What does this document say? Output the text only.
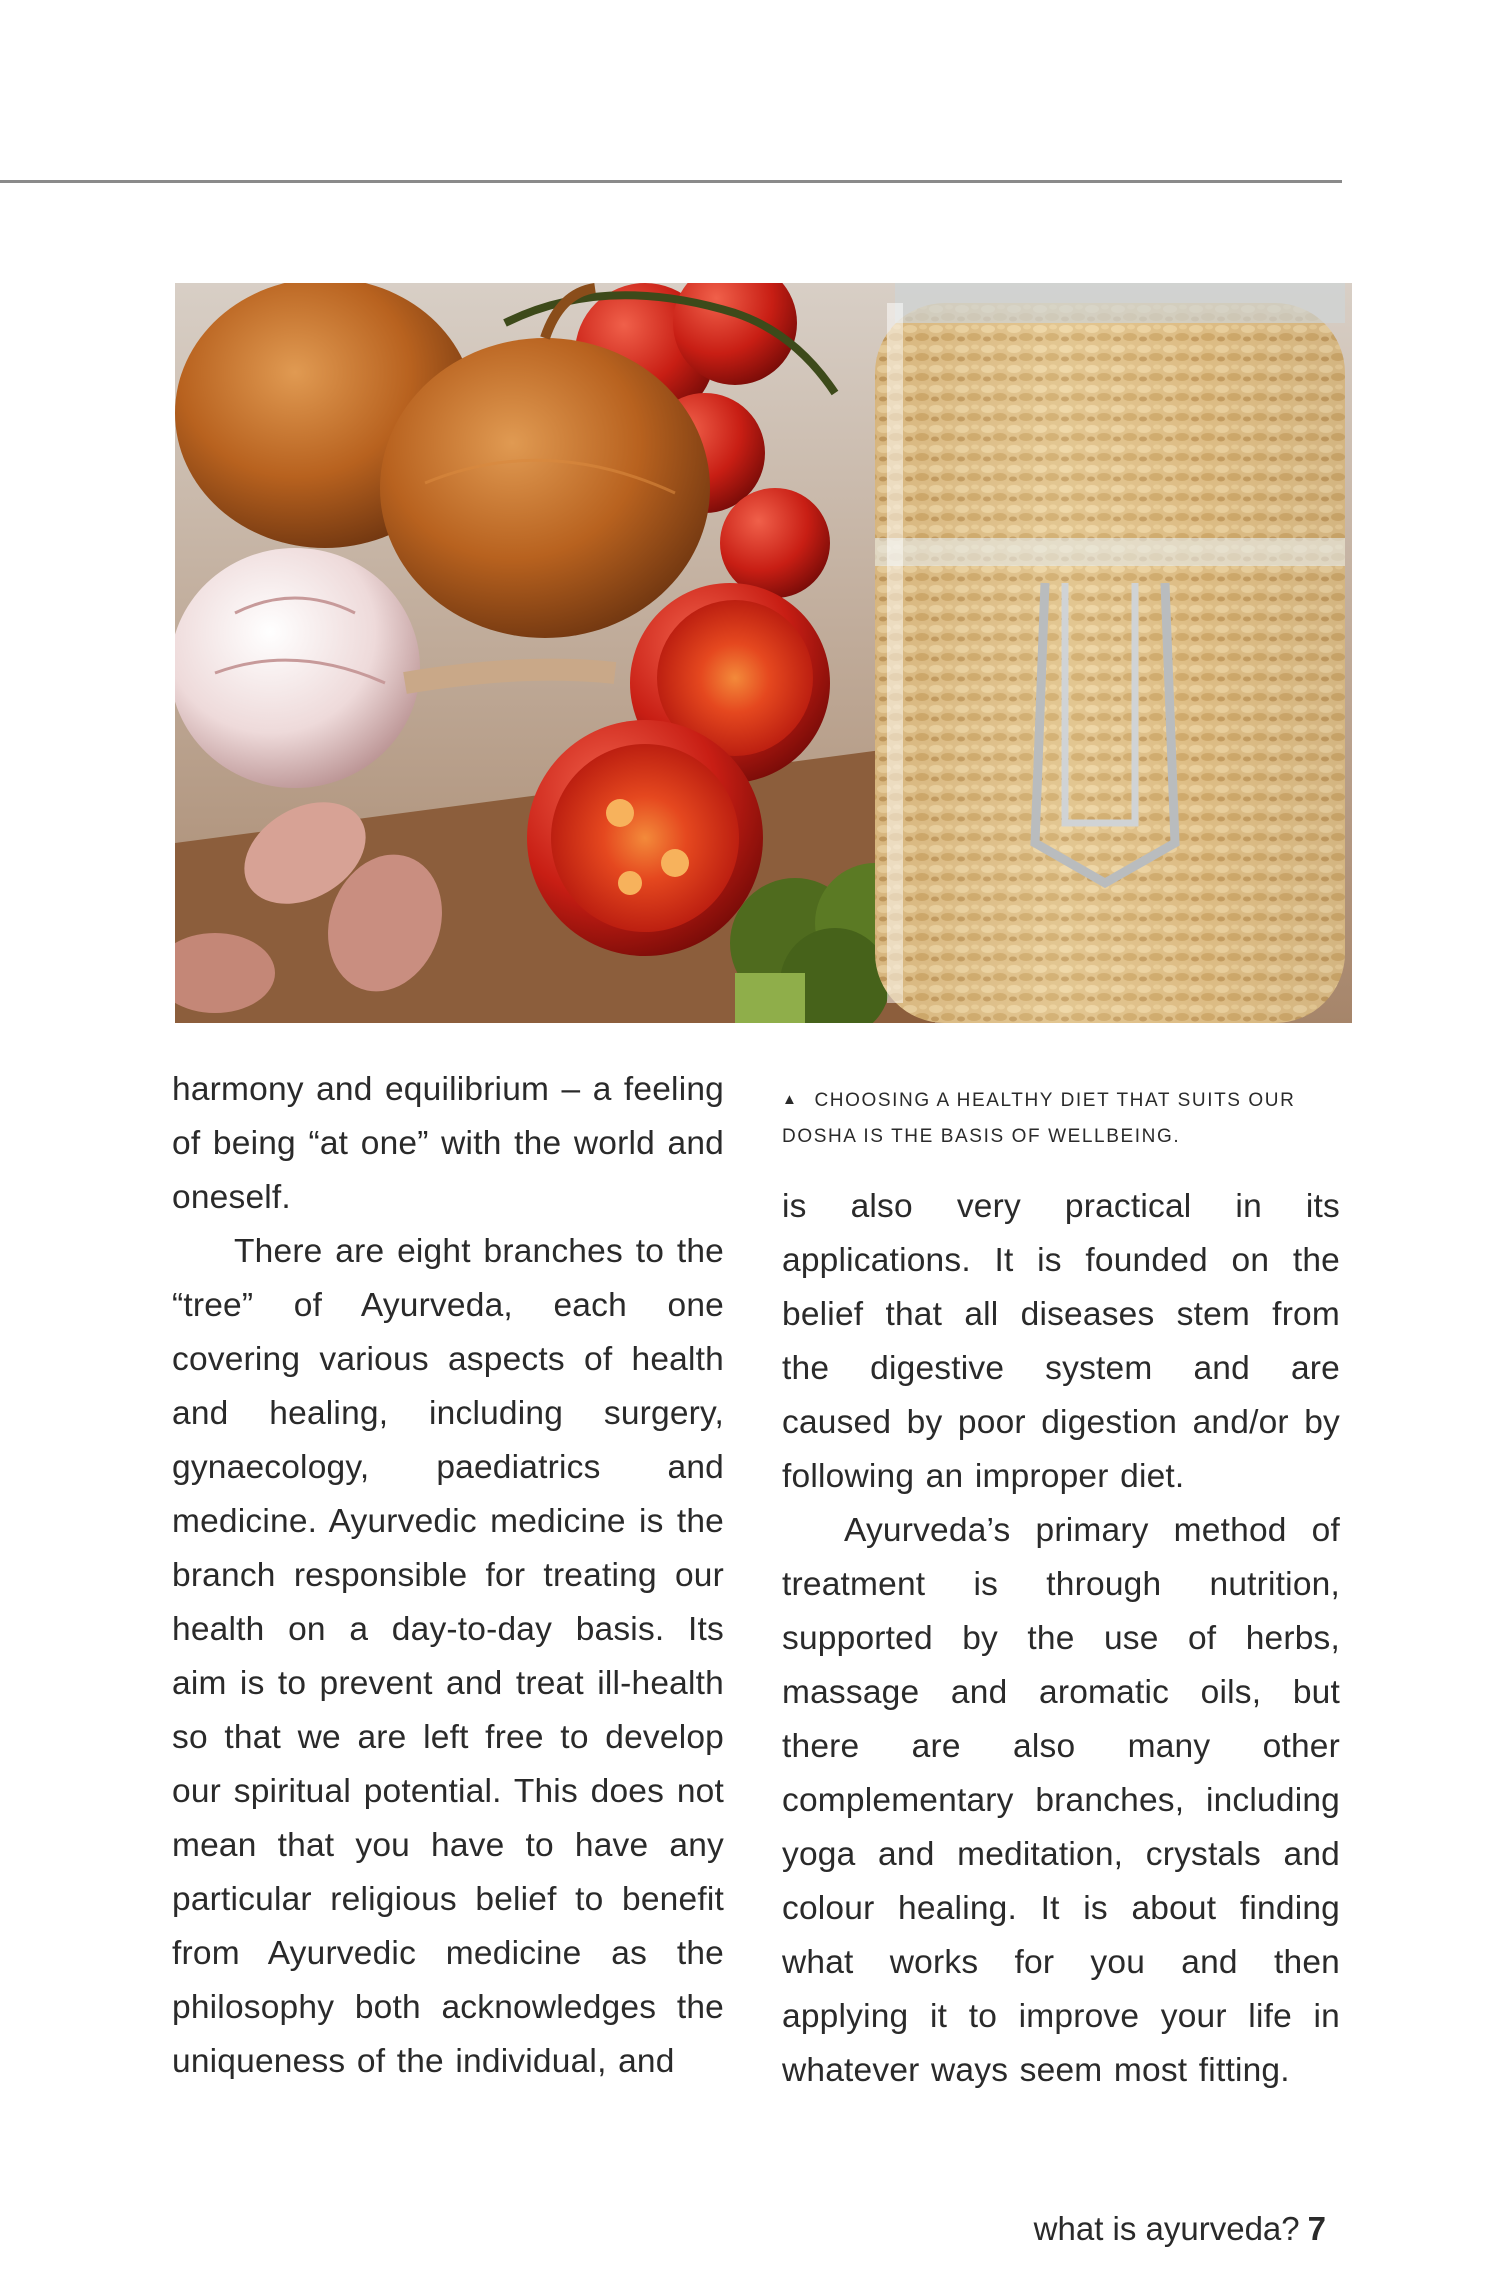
harmony and equilibrium – a feeling of being “at one” with the world and oneself.

There are eight branches to the “tree” of Ayurveda, each one covering various aspects of health and healing, including surgery, gynaecology, paediatrics and medicine. Ayurvedic medicine is the branch responsible for treating our health on a day-to-day basis. Its aim is to prevent and treat ill-health so that we are left free to develop our spiritual potential. This does not mean that you have to have any particular religious belief to benefit from Ayurvedic medicine as the philosophy both acknowledges the uniqueness of the individual, and

▲ CHOOSING A HEALTHY DIET THAT SUITS OUR DOSHA IS THE BASIS OF WELLBEING.

is also very practical in its applications. It is founded on the belief that all diseases stem from the digestive system and are caused by poor digestion and/or by following an improper diet.

Ayurveda’s primary method of treatment is through nutrition, supported by the use of herbs, massage and aromatic oils, but there are also many other complementary branches, including yoga and meditation, crystals and colour healing. It is about finding what works for you and then applying it to improve your life in whatever ways seem most fitting.

what is ayurveda? 7
